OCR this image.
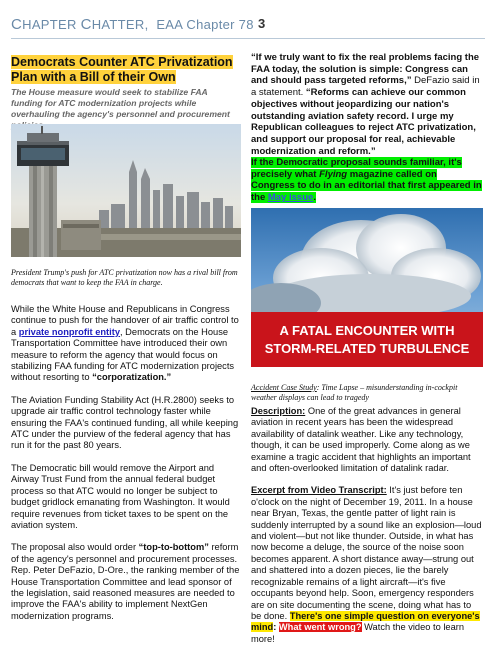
CHAPTER CHATTER, EAA Chapter 78 3
Democrats Counter ATC Privatization Plan with a Bill of their Own
The House measure would seek to stabilize FAA funding for ATC modernization projects while overhauling the agency's personnel and procurement
President Trump's push for ATC privatization now has a rival bill from democrats that want to keep the FAA in charge.

While the White House and Republicans in Congress continue to push for the handover of air traffic control to a private nonprofit entity, Democrats on the House Transportation Committee have introduced their own measure to reform the agency that would focus on stabilizing FAA funding for ATC modernization projects without resorting to “corporatization.”

The Aviation Funding Stability Act (H.R.2800) seeks to upgrade air traffic control technology faster while ensuring the FAA's continued funding, all while keeping ATC under the purview of the federal agency that has run it for the past 80 years.

The Democratic bill would remove the Airport and Airway Trust Fund from the annual federal budget process so that ATC would no longer be subject to budget gridlock emanating from Washington. It would require revenues from ticket taxes to be spent on the aviation system.

The proposal also would order “top-to-bottom” reform of the agency's personnel and procurement processes. Rep. Peter DeFazio, D-Ore., the ranking member of the House Transportation Committee and lead sponsor of the legislation, said reasoned measures are needed to improve the FAA's ability to implement NextGen modernization programs.

“If we truly want to fix the real problems facing the FAA today, the solution is simple: Congress can and should pass targeted reforms,” DeFazio said in a statement. “Reforms can achieve our common objectives without jeopardizing our nation's outstanding aviation safety record. I urge my Republican colleagues to reject ATC privatization, and support our proposal for real, achievable modernization and reform.”
If the Democratic proposal sounds familiar, it's precisely what Flying magazine called on Congress to do in an editorial that first appeared in the May issue.
A FATAL ENCOUNTER WITH
STORM-RELATED TURBULENCE
Accident Case Study: Time Lapse – misunderstanding in-cockpit weather displays can lead to tragedy

Description: One of the great advances in general aviation in recent years has been the widespread availability of datalink weather. Like any technology, though, it can be used improperly. Come along as we examine a tragic accident that highlights an important and often-overlooked limitation of datalink radar.

Excerpt from Video Transcript: It's just before ten o'clock on the night of December 19, 2011. In a house near Bryan, Texas, the gentle patter of light rain is suddenly interrupted by a sound like an explosion—loud and violent—but not like thunder. Outside, in what has now become a deluge, the source of the noise soon becomes apparent. A short distance away—strung out and shattered into a dozen pieces, lie the barely recognizable remains of a light aircraft—it's five occupants beyond help. Soon, emergency responders are on site documenting the scene, doing what has to be done. There's one simple question on everyone's mind: What went wrong? Watch the video to learn more!
